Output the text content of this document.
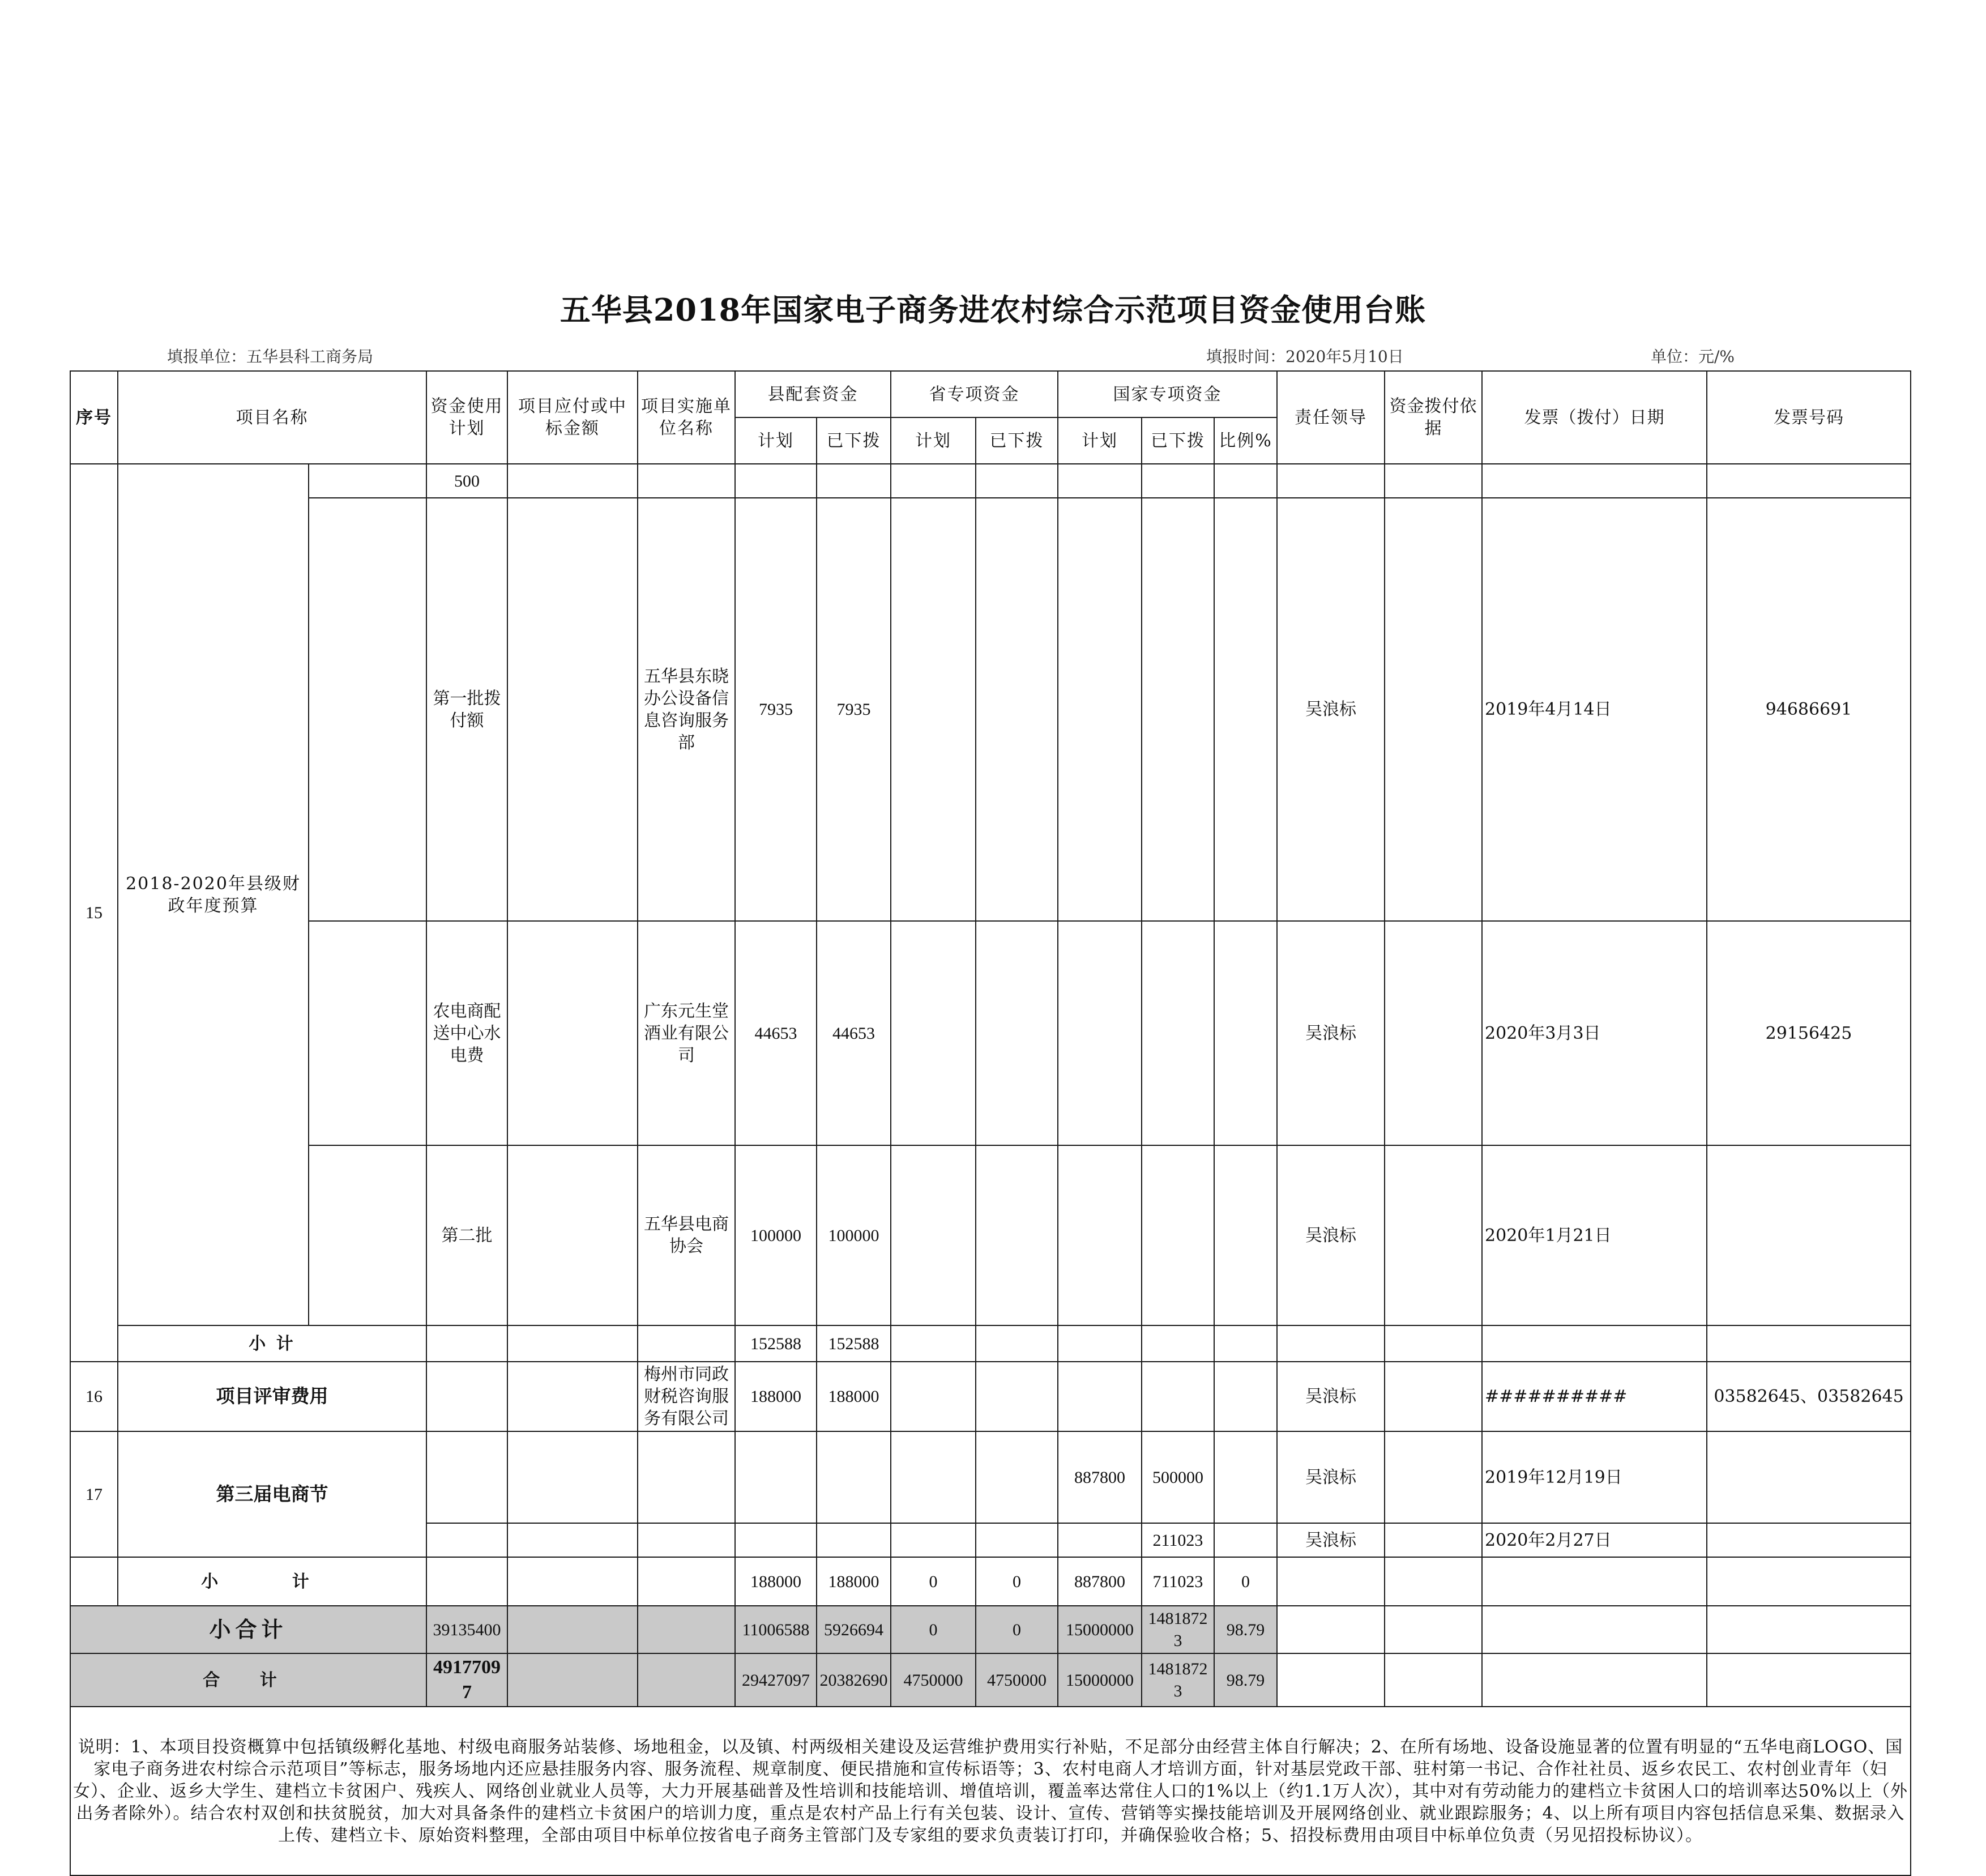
五华县2018年国家电子商务进农村综合示范项目资金使用台账
填报单位：五华县科工商务局	填报时间：2020年5月10日	单位：元/%
序号	项目名称		资金使用计划	项目应付或中标金额	项目实施单位名称	县配套资金		省专项资金		国家专项资金			责任领导	资金拨付依据	发票（拨付）日期	发票号码	
						计划	已下拨	计划	已下拨	计划	已下拨	比例%					
15	2018-2020年县级财政年度预算		500														
			第一批拨付额		五华县东晓办公设备信息咨询服务部	7935	7935						吴浪标		2019年4月14日	94686691	
			农电商配送中心水电费		广东元生堂酒业有限公司	44653	44653						吴浪标		2020年3月3日	29156425	
			第二批		五华县电商协会	100000	100000						吴浪标		2020年1月21日		
	小 计					152588	152588										
16	项目评审费用				梅州市同政财税咨询服务有限公司	188000	188000						吴浪标		##########	03582645、03582645	
17	第三届电商节									887800	500000		吴浪标		2019年12月19日		
											211023		吴浪标		2020年2月27日		
	小 计					188000	188000	0	0	887800	711023	0					
小合计			39135400			11006588	5926694	0	0	15000000	14818723	98.79					
合 计			49177097			29427097	20382690	4750000	4750000	15000000	14818723	98.79					
说明：1、本项目投资概算中包括镇级孵化基地、村级电商服务站装修、场地租金，以及镇、村两级相关建设及运营维护费用实行补贴，不足部分由经营主体自行解决；2、在所有场地、设备设施显著的位置有明显的“五华电商LOGO、国家电子商务进农村综合示范项目”等标志，服务场地内还应悬挂服务内容、服务流程、规章制度、便民措施和宣传标语等；3、农村电商人才培训方面，针对基层党政干部、驻村第一书记、合作社社员、返乡农民工、农村创业青年（妇女）、企业、返乡大学生、建档立卡贫困户、残疾人、网络创业就业人员等，大力开展基础普及性培训和技能培训、增值培训，覆盖率达常住人口的1%以上（约1.1万人次），其中对有劳动能力的建档立卡贫困人口的培训率达50%以上（外出务者除外）。结合农村双创和扶贫脱贫，加大对具备条件的建档立卡贫困户的培训力度，重点是农村产品上行有关包装、设计、宣传、营销等实操技能培训及开展网络创业、就业跟踪服务；4、以上所有项目内容包括信息采集、数据录入上传、建档立卡、原始资料整理，全部由项目中标单位按省电子商务主管部门及专家组的要求负责装订打印，并确保验收合格；5、招投标费用由项目中标单位负责（另见招投标协议）。																	
